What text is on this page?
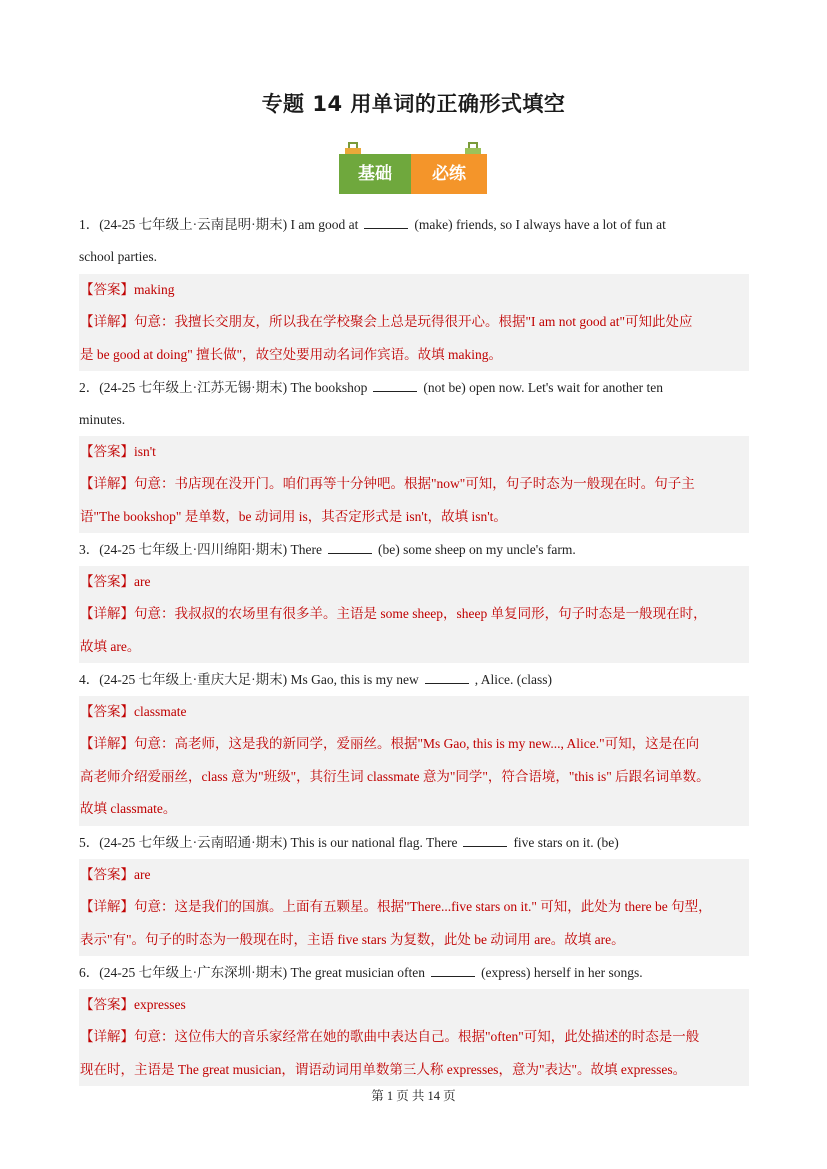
专题 14 用单词的正确形式填空
基础	必练
1．(24-25 七年级上·云南昆明·期末) I am good at	(make) friends, so I always have a lot of fun at
school parties.
【答案】making
【详解】句意：我擅长交朋友，所以我在学校聚会上总是玩得很开心。根据"I am not good at"可知此处应
是 be good at doing" 擅长做"，故空处要用动名词作宾语。故填 making。
2．(24-25 七年级上·江苏无锡·期末) The bookshop	(not be) open now. Let's wait for another ten
minutes.
【答案】isn't
【详解】句意：书店现在没开门。咱们再等十分钟吧。根据"now"可知，句子时态为一般现在时。句子主
语"The bookshop" 是单数，be 动词用 is，其否定形式是 isn't，故填 isn't。
3．(24-25 七年级上·四川绵阳·期末) There	(be) some sheep on my uncle's farm.
【答案】are
【详解】句意：我叔叔的农场里有很多羊。主语是 some sheep，sheep 单复同形，句子时态是一般现在时，
故填 are。
4．(24-25 七年级上·重庆大足·期末) Ms Gao, this is my new	, Alice. (class)
【答案】classmate
【详解】句意：高老师，这是我的新同学，爱丽丝。根据"Ms Gao, this is my new..., Alice."可知，这是在向
高老师介绍爱丽丝，class 意为"班级"，其衍生词 classmate 意为"同学"，符合语境，"this is" 后跟名词单数。
故填 classmate。
5．(24-25 七年级上·云南昭通·期末) This is our national flag. There	five stars on it. (be)
【答案】are
【详解】句意：这是我们的国旗。上面有五颗星。根据"There...five stars on it." 可知，此处为 there be 句型，
表示"有"。句子的时态为一般现在时，主语 five stars 为复数，此处 be 动词用 are。故填 are。
6．(24-25 七年级上·广东深圳·期末) The great musician often	(express) herself in her songs.
【答案】expresses
【详解】句意：这位伟大的音乐家经常在她的歌曲中表达自己。根据"often"可知，此处描述的时态是一般
现在时，主语是 The great musician，谓语动词用单数第三人称 expresses，意为"表达"。故填 expresses。
第 1 页 共 14 页
